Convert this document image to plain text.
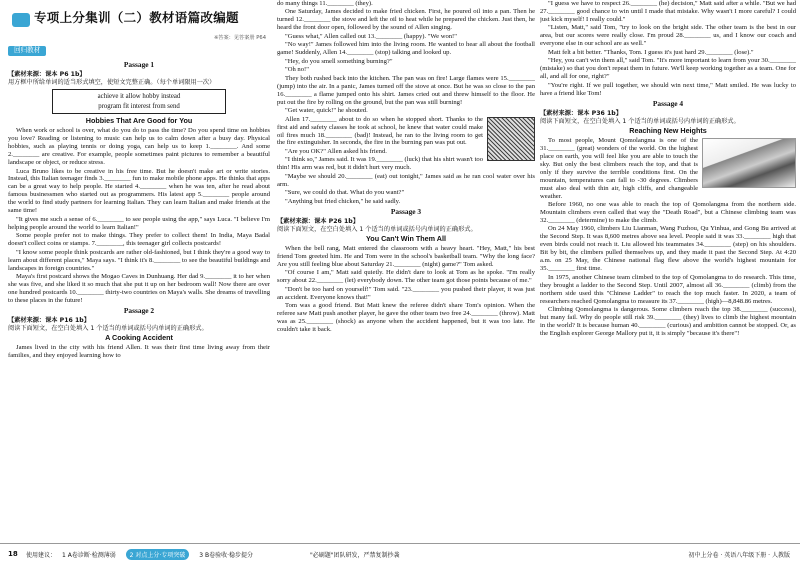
专项上分集训（二）教材语篇改编题
※答案：见答案册 P64
回归教材
Passage 1

【素材来源：课本 P6 1b】

用方框中所给单词的适当形式填空，使短文完整正确。（每个单词限用一次）

achieve it allow hobby instead
program fit interest from send
Hobbies That Are Good for You

When work or school is over, what do you do to pass the time? Do you spend time on hobbies you love? Reading or listening to music can help us to calm down after a busy day. Physical hobbies, such as playing tennis or doing yoga, can help us to keep 1.________. And some 2.________ are creative. For example, people sometimes paint pictures to remember a beautiful landscape or object, or reduce stress.

Luca Bruno likes to be creative in his free time. But he doesn't make art or write stories. Instead, this Italian teenager finds 3.________ fun to make mobile phone apps. He thinks that apps can be a great way to help people. He started 4.________ when he was ten, after he read about famous businessmen who started out as programmers. His latest app 5.________ people around the world to find study partners for learning Italian. They can learn Italian and make friends at the same time!

"It gives me such a sense of 6.________ to see people using the app," says Luca. "I believe I'm helping people around the world to learn Italian!"

Some people prefer not to make things. They prefer to collect them! In India, Maya Badal doesn't collect coins or stamps. 7.________, this teenager girl collects postcards!

"I know some people think postcards are rather old-fashioned, but I think they're a good way to learn about different places," Maya says. "I think it's 8.________ to see the beautiful buildings and landscapes in foreign countries."

Maya's first postcard shows the Mogao Caves in Dunhuang. Her dad 9.________ it to her when she was five, and she liked it so much that she put it up on her bedroom wall! Now there are over one hundred postcards 10.________ thirty-two countries on Maya's walls. She dreams of travelling to these places in the future!

Passage 2

【素材来源：课本 P16 1b】

阅读下面短文，在空白处填入 1 个适当的单词或括号内单词的正确形式。

A Cooking Accident

James lived in the city with his friend Allen. It was their first time living away from their families, and they enjoyed learning how to

do many things 11.________ (they).

One Saturday, James decided to make fried chicken. First, he poured oil into a pan. Then he turned 12.________ the stove and left the oil to heat while he prepared the chicken. Just then, he heard the front door open, followed by the sound of Allen singing.

"Guess what," Allen called out 13.________ (happy). "We won!"

"No way!" James followed him into the living room. He wanted to hear all about the football game! Suddenly, Allen 14.________ (stop) talking and looked up.

"Hey, do you smell something burning?"

"Oh no!"

They both rushed back into the kitchen. The pan was on fire! Large flames were 15.________ (jump) into the air. In a panic, James turned off the stove at once. But he was so close to the pan 16.________ a flame jumped onto his shirt. James cried out and threw himself to the floor. He put out the fire by rolling on the ground, but the pan was still burning!

"Get water, quick!" he shouted.

Allen 17.________ about to do so when he stopped short. Thanks to the first aid and safety classes he took at school, he knew that water could make oil fires much 18.________ (bad)! Instead, he ran to the living room to get the fire extinguisher. In seconds, the fire in the burning pan was put out.

"Are you OK?" Allen asked his friend.

"I think so," James said. It was 19.________ (luck) that his shirt wasn't too thin! His arm was red, but it didn't hurt very much.

"Maybe we should 20.________ (eat) out tonight," James said as he ran cool water over his arm.

"Sure, we could do that. What do you want?"

"Anything but fried chicken," he said sadly.

Passage 3

【素材来源：课本 P26 1b】

阅读下面短文，在空白处填入 1 个适当的单词或括号内单词的正确形式。

You Can't Win Them All

When the bell rang, Matt entered the classroom with a heavy heart. "Hey, Matt," his best friend Tom greeted him. He and Tom were in the school's basketball team. "Why the long face? Are you still feeling blue about Saturday 21.________ (night) game?" Tom asked.

"Of course I am," Matt said quietly. He didn't dare to look at Tom as he spoke. "I'm really sorry about 22.________ (let) everybody down. The other team got those points because of me."

"Don't be too hard on yourself!" Tom said. "23.________ you pushed their player, it was just an accident. Everyone knows that!"

Tom was a good friend. But Matt knew the referee didn't share Tom's opinion. When the referee saw Matt push another player, he gave the other team two free 24.________ (throw). Matt was as 25.________ (shock) as anyone when the accident happened, but it was too late. He couldn't take it back.

"I guess we have to respect 26.________ (he) decision," Matt said after a while. "But we had 27.________ good chance to win until I made that mistake. Why wasn't I more careful? I could just kick myself! I really could."

"Listen, Matt," said Tom, "try to look on the bright side. The other team is the best in our area, but our scores were really close. I'm proud 28.________ us, and I know our coach and everyone else in our school are as well."

Matt felt a bit better. "Thanks, Tom. I guess it's just hard 29.________ (lose)."

"Hey, you can't win them all," said Tom. "It's more important to learn from your 30.________ (mistake) so that you don't repeat them in future. We'll keep working together as a team. One for all, and all for one, right?"

"You're right. If we pull together, we should win next time," Matt smiled. He was lucky to have a friend like Tom!

Passage 4

【素材来源：课本 P36 1b】

阅读下面短文，在空白处填入 1 个适当的单词或括号内单词的正确形式。

Reaching New Heights

To most people, Mount Qomolangma is one of the 31.________ (great) wonders of the world. On the highest place on earth, you will feel like you are able to touch the sky. But only the best climbers reach the top, and that is only if they survive the terrible conditions first. On the mountain, temperatures can fall to -30 degrees. Climbers must also deal with thin air, high cliffs, and changeable weather.

Before 1960, no one was able to reach the top of Qomolangma from the northern side. Mountain climbers even called that way the "Death Road", but a Chinese climbing team was 32.________ (determine) to make the climb.

On 24 May 1960, climbers Liu Lianman, Wang Fuzhou, Qu Yinhua, and Gong Bu arrived at the Second Step. It was 8,600 metres above sea level. People said it was 33.________ high that even birds could not reach it. Liu allowed his teammates 34.________ (step) on his shoulders. Bit by bit, the climbers pulled themselves up, and they made it past the Second Step. At 4:20 a.m. on 25 May, the Chinese national flag flew above the world's highest mountain for 35.________ first time.

In 1975, another Chinese team climbed to the top of Qomolangma to do research. This time, they brought a ladder to the Second Step. Until 2007, almost all 36.________ (climb) from the northern side used this "Chinese Ladder" to reach the top much faster. In 2020, a team of researchers reached Qomolangma to measure its 37.________ (high)—8,848.86 metres.

Climbing Qomolangma is dangerous. Some climbers reach the top 38.________ (success), but many fail. Why do people still risk 39.________ (they) lives to climb the highest mountain in the world? It is because human 40.________ (curious) and ambition cannot be stopped. Or, as the English explorer George Mallory put it, it is simply "because it's there"!

18 使用建议： 1 A卷诊断·检测薄弱 2 对点上分·专项突破 3 B卷验收·稳步提分	"必刷题"团队研发，严禁复制抄袭	初中上分卷 · 英语八年级下册 · 人教版
